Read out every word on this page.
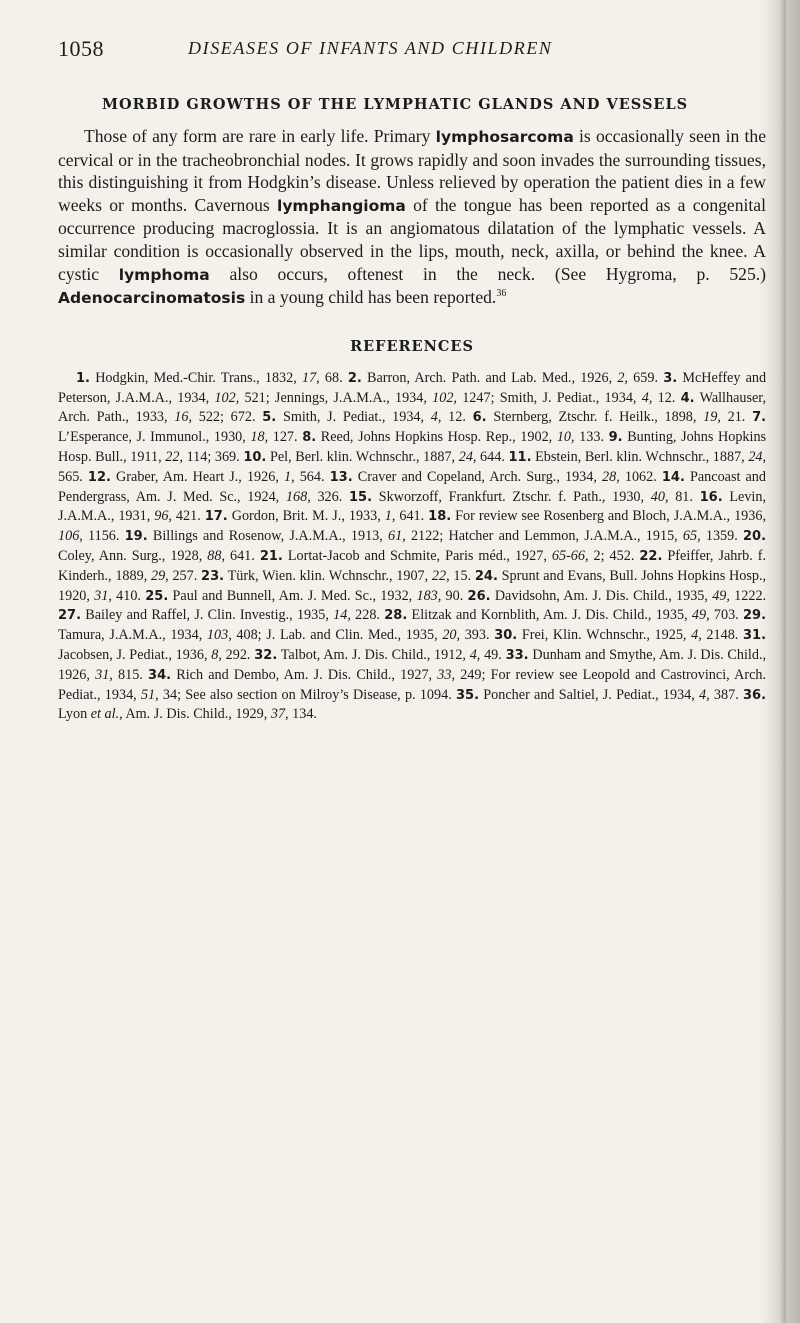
1058	DISEASES OF INFANTS AND CHILDREN
MORBID GROWTHS OF THE LYMPHATIC GLANDS AND VESSELS

Those of any form are rare in early life. Primary lymphosarcoma is occasionally seen in the cervical or in the tracheobronchial nodes. It grows rapidly and soon invades the surrounding tissues, this distinguishing it from Hodgkin’s disease. Unless relieved by operation the patient dies in a few weeks or months. Cavernous lymphangioma of the tongue has been reported as a congenital occurrence producing macroglossia. It is an angiomatous dilatation of the lymphatic vessels. A similar condition is occasionally observed in the lips, mouth, neck, axilla, or behind the knee. A cystic lymphoma also occurs, oftenest in the neck. (See Hygroma, p. 525.) Adenocarcinomatosis in a young child has been reported.$^{36}$

REFERENCES

1. Hodgkin, Med.-Chir. Trans., 1832, 17, 68. 2. Barron, Arch. Path. and Lab. Med., 1926, 2, 659. 3. McHeffey and Peterson, J.A.M.A., 1934, 102, 521; Jennings, J.A.M.A., 1934, 102, 1247; Smith, J. Pediat., 1934, 4, 12. 4. Wallhauser, Arch. Path., 1933, 16, 522; 672. 5. Smith, J. Pediat., 1934, 4, 12. 6. Sternberg, Ztschr. f. Heilk., 1898, 19, 21. 7. L’Esperance, J. Immunol., 1930, 18, 127. 8. Reed, Johns Hopkins Hosp. Rep., 1902, 10, 133. 9. Bunting, Johns Hopkins Hosp. Bull., 1911, 22, 114; 369. 10. Pel, Berl. klin. Wchnschr., 1887, 24, 644. 11. Ebstein, Berl. klin. Wchnschr., 1887, 24, 565. 12. Graber, Am. Heart J., 1926, 1, 564. 13. Craver and Copeland, Arch. Surg., 1934, 28, 1062. 14. Pancoast and Pendergrass, Am. J. Med. Sc., 1924, 168, 326. 15. Skworzoff, Frankfurt. Ztschr. f. Path., 1930, 40, 81. 16. Levin, J.A.M.A., 1931, 96, 421. 17. Gordon, Brit. M. J., 1933, 1, 641. 18. For review see Rosenberg and Bloch, J.A.M.A., 1936, 106, 1156. 19. Billings and Rosenow, J.A.M.A., 1913, 61, 2122; Hatcher and Lemmon, J.A.M.A., 1915, 65, 1359. 20. Coley, Ann. Surg., 1928, 88, 641. 21. Lortat-Jacob and Schmite, Paris méd., 1927, 65-66, 2; 452. 22. Pfeiffer, Jahrb. f. Kinderh., 1889, 29, 257. 23. Türk, Wien. klin. Wchnschr., 1907, 22, 15. 24. Sprunt and Evans, Bull. Johns Hopkins Hosp., 1920, 31, 410. 25. Paul and Bunnell, Am. J. Med. Sc., 1932, 183, 90. 26. Davidsohn, Am. J. Dis. Child., 1935, 49, 1222. 27. Bailey and Raffel, J. Clin. Investig., 1935, 14, 228. 28. Elitzak and Kornblith, Am. J. Dis. Child., 1935, 49, 703. 29. Tamura, J.A.M.A., 1934, 103, 408; J. Lab. and Clin. Med., 1935, 20, 393. 30. Frei, Klin. Wchnschr., 1925, 4, 2148. 31. Jacobsen, J. Pediat., 1936, 8, 292. 32. Talbot, Am. J. Dis. Child., 1912, 4, 49. 33. Dunham and Smythe, Am. J. Dis. Child., 1926, 31, 815. 34. Rich and Dembo, Am. J. Dis. Child., 1927, 33, 249; For review see Leopold and Castrovinci, Arch. Pediat., 1934, 51, 34; See also section on Milroy’s Disease, p. 1094. 35. Poncher and Saltiel, J. Pediat., 1934, 4, 387. 36. Lyon et al., Am. J. Dis. Child., 1929, 37, 134.
